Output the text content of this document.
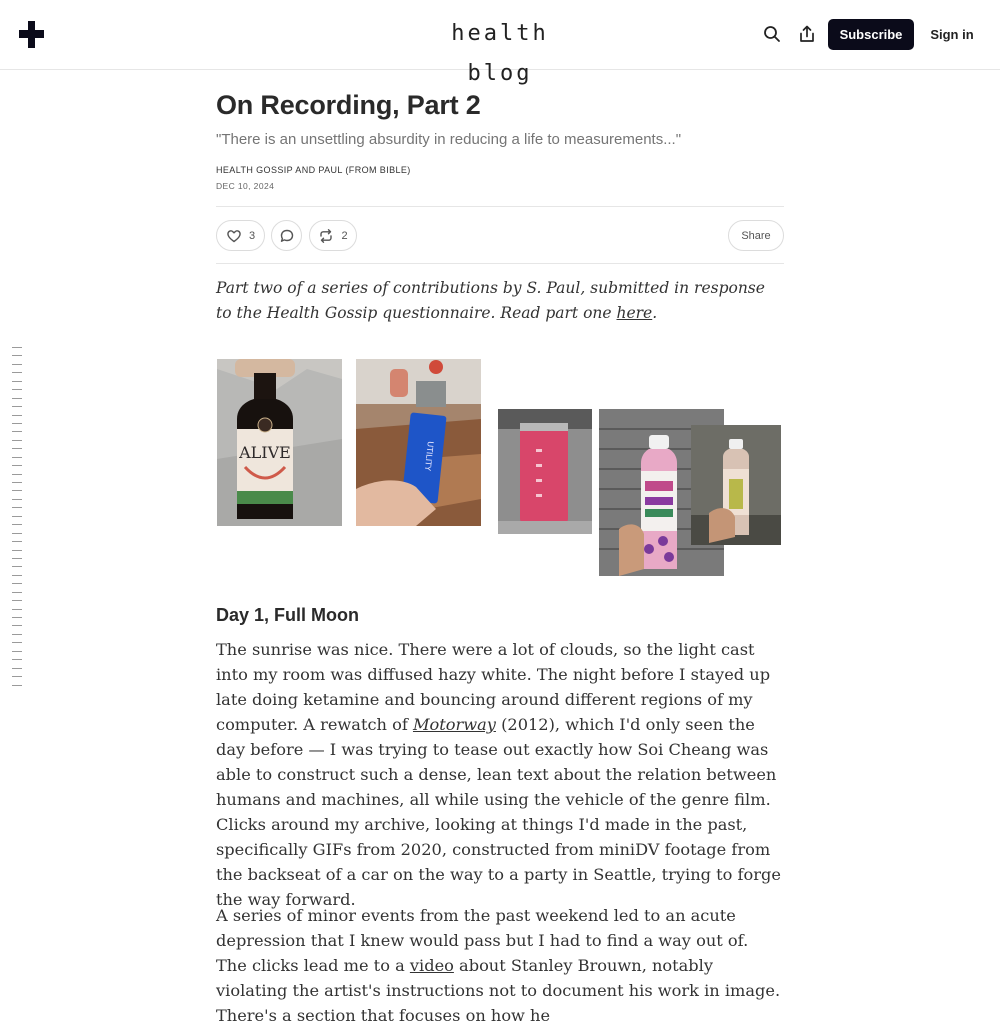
health blog
Subscribe	Sign in
On Recording, Part 2
"There is an unsettling absurdity in reducing a life to measurements..."
HEALTH GOSSIP AND PAUL (FROM BIBLE)
DEC 10, 2024
3	2	Share

Part two of a series of contributions by S. Paul, submitted in response to the Health Gossip questionnaire. Read part one here.

ALIVE	UTILITY
Day 1, Full Moon

The sunrise was nice. There were a lot of clouds, so the light cast into my room was diffused hazy white. The night before I stayed up late doing ketamine and bouncing around different regions of my computer. A rewatch of Motorway (2012), which I'd only seen the day before — I was trying to tease out exactly how Soi Cheang was able to construct such a dense, lean text about the relation between humans and machines, all while using the vehicle of the genre film. Clicks around my archive, looking at things I'd made in the past, specifically GIFs from 2020, constructed from miniDV footage from the backseat of a car on the way to a party in Seattle, trying to forge the way forward.

A series of minor events from the past weekend led to an acute depression that I knew would pass but I had to find a way out of. The clicks lead me to a video about Stanley Brouwn, notably violating the artist's instructions not to document his work in image. There's a section that focuses on how he
